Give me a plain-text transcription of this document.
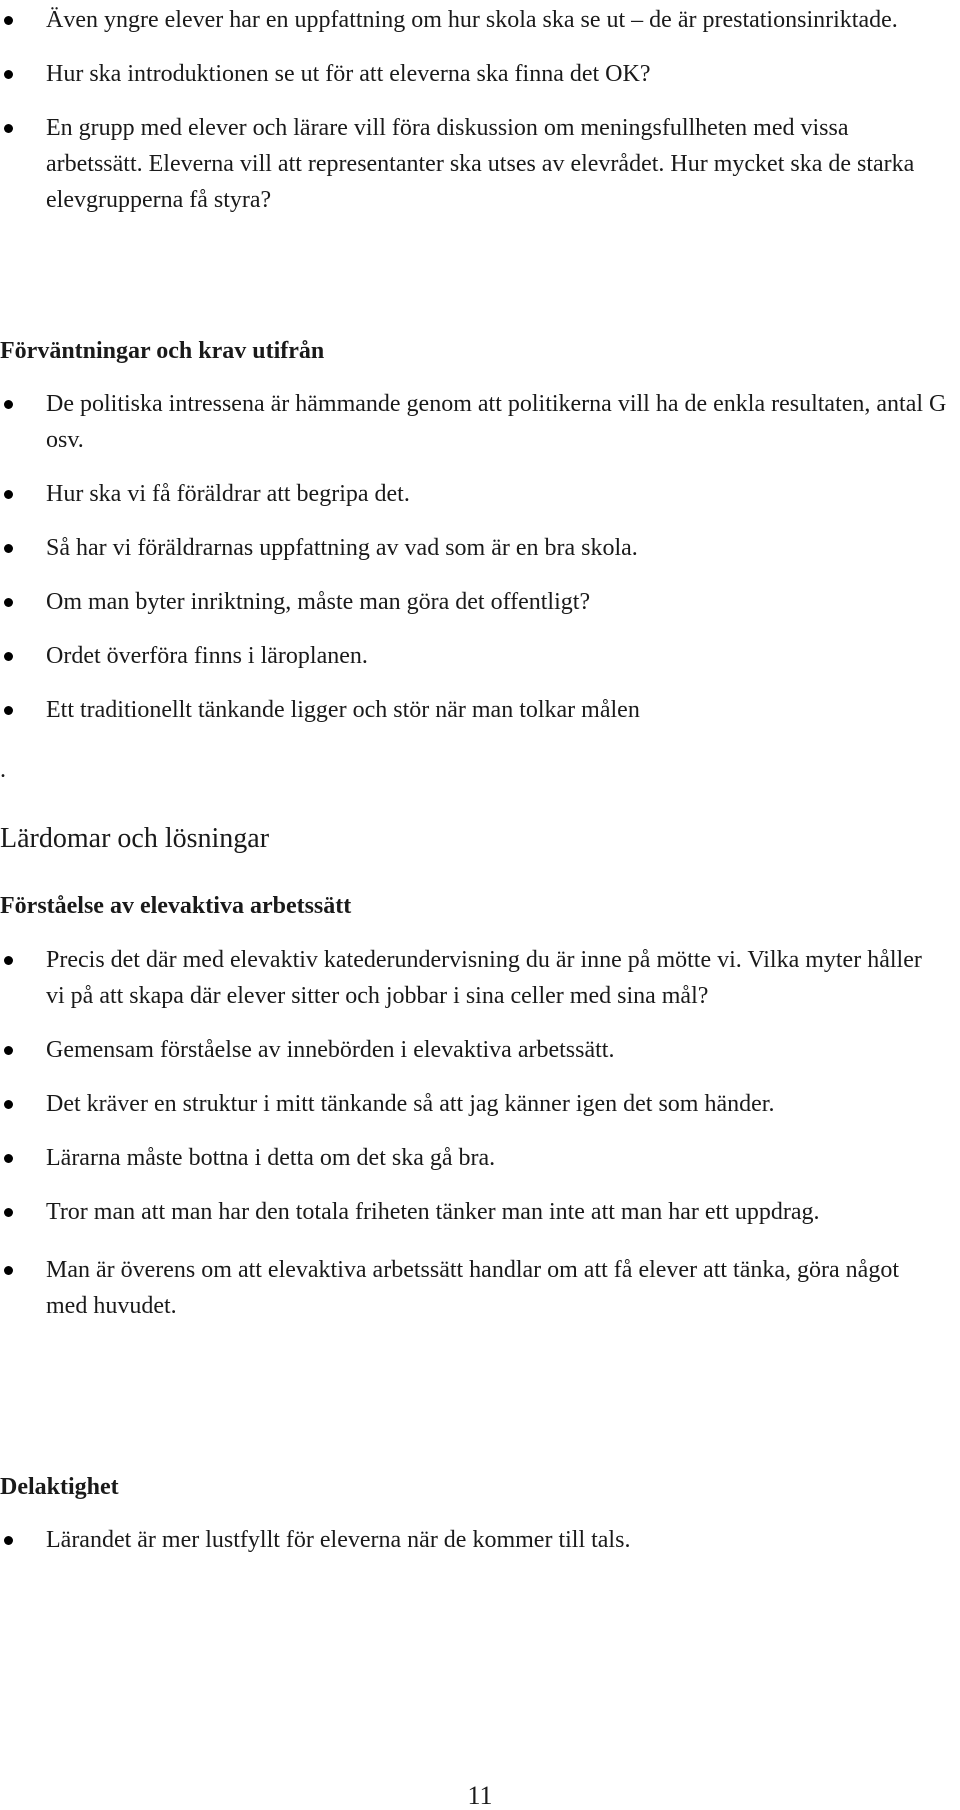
Även yngre elever har en uppfattning om hur skola ska se ut – de är prestationsinriktade.
Hur ska introduktionen se ut för att eleverna ska finna det OK?
En grupp med elever och lärare vill föra diskussion om meningsfullheten med vissa arbetssätt. Eleverna vill att representanter ska utses av elevrådet. Hur mycket ska de starka elevgrupperna få styra?
Förväntningar och krav utifrån
De politiska intressena är hämmande genom att politikerna vill ha de enkla resultaten, antal G osv.
Hur ska vi få föräldrar att begripa det.
Så har vi föräldrarnas uppfattning av vad som är en bra skola.
Om man byter inriktning, måste man göra det offentligt?
Ordet överföra finns i läroplanen.
Ett traditionellt tänkande ligger och stör när man tolkar målen
.
Lärdomar och lösningar
Förståelse av elevaktiva arbetssätt
Precis det där med elevaktiv katederundervisning du är inne på mötte vi. Vilka myter håller vi på att skapa där elever sitter och jobbar i sina celler med sina mål?
Gemensam förståelse av innebörden i elevaktiva arbetssätt.
Det kräver en struktur i mitt tänkande så att jag känner igen det som händer.
Lärarna måste bottna i detta om det ska gå bra.
Tror man att man har den totala friheten tänker man inte att man har ett uppdrag.
Man är överens om att elevaktiva arbetssätt handlar om att få elever att tänka, göra något med huvudet.
Delaktighet
Lärandet är mer lustfyllt för eleverna när de kommer till tals.
11
